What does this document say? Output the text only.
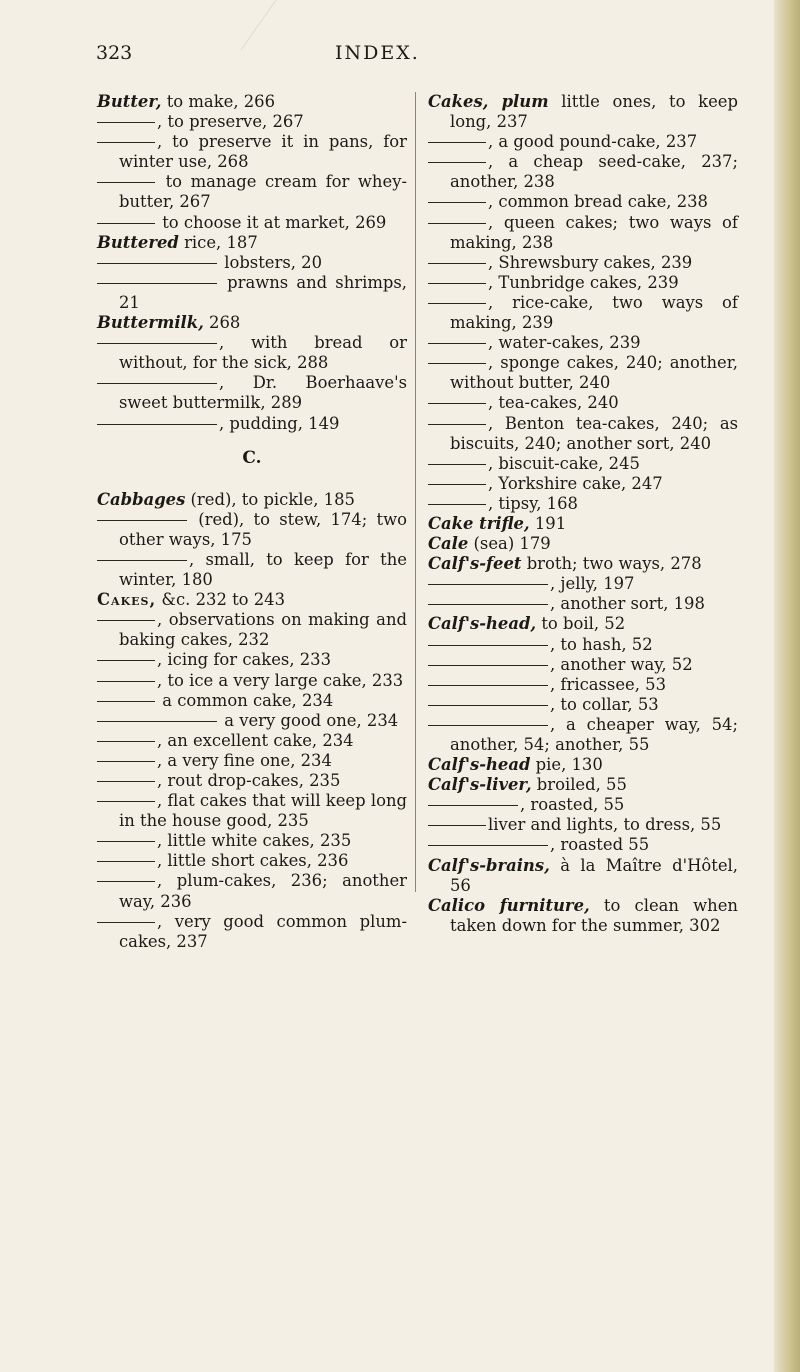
323	INDEX.
Butter, to make, 266
, to preserve, 267
, to preserve it in pans, for winter use, 268
to manage cream for whey-butter, 267
to choose it at market, 269
Buttered rice, 187
lobsters, 20
prawns and shrimps, 21
Buttermilk, 268
, with bread or without, for the sick, 288
, Dr. Boerhaave's sweet buttermilk, 289
, pudding, 149
C.
Cabbages (red), to pickle, 185
(red), to stew, 174; two other ways, 175
, small, to keep for the winter, 180
Cakes, &c. 232 to 243
, observations on making and baking cakes, 232
, icing for cakes, 233
, to ice a very large cake, 233
a common cake, 234
a very good one, 234
, an excellent cake, 234
, a very fine one, 234
, rout drop-cakes, 235
, flat cakes that will keep long in the house good, 235
, little white cakes, 235
, little short cakes, 236
, plum-cakes, 236; another way, 236
, very good common plum-cakes, 237
Cakes, plum little ones, to keep long, 237
, a good pound-cake, 237
, a cheap seed-cake, 237; another, 238
, common bread cake, 238
, queen cakes; two ways of making, 238
, Shrewsbury cakes, 239
, Tunbridge cakes, 239
, rice-cake, two ways of making, 239
, water-cakes, 239
, sponge cakes, 240; another, without butter, 240
, tea-cakes, 240
, Benton tea-cakes, 240; as biscuits, 240; another sort, 240
, biscuit-cake, 245
, Yorkshire cake, 247
, tipsy, 168
Cake trifle, 191
Cale (sea) 179
Calf's-feet broth; two ways, 278
, jelly, 197
, another sort, 198
Calf's-head, to boil, 52
, to hash, 52
, another way, 52
, fricassee, 53
, to collar, 53
, a cheaper way, 54; another, 54; another, 55
Calf's-head pie, 130
Calf's-liver, broiled, 55
, roasted, 55
liver and lights, to dress, 55
, roasted 55
Calf's-brains, à la Maître d'Hôtel, 56
Calico furniture, to clean when taken down for the summer, 302
